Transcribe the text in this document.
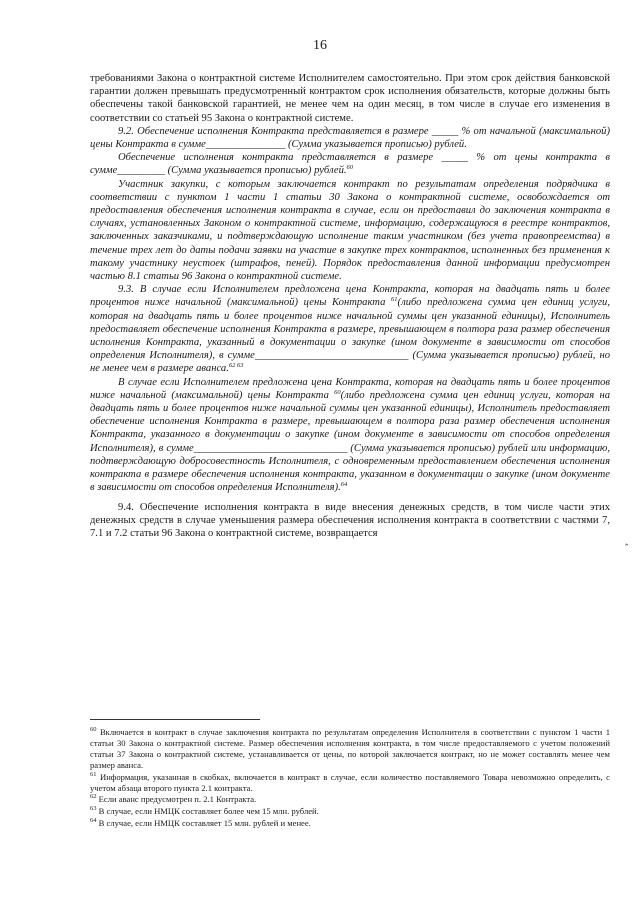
16

требованиями Закона о контрактной системе Исполнителем самостоятельно. При этом срок действия банковской гарантии должен превышать предусмотренный контрактом срок исполнения обязательств, которые должны быть обеспечены такой банковской гарантией, не менее чем на один месяц, в том числе в случае его изменения в соответствии со статьей 95 Закона о контрактной системе.

9.2. Обеспечение исполнения Контракта представляется в размере _____ % от начальной (максимальной) цены Контракта в сумме_______________ (Сумма указывается прописью) рублей.

Обеспечение исполнения контракта представляется в размере _____ % от цены контракта в сумме_________ (Сумма указывается прописью) рублей.$^{60}$

Участник закупки, с которым заключается контракт по результатам определения подрядчика в соответствии с пунктом 1 части 1 статьи 30 Закона о контрактной системе, освобождается от предоставления обеспечения исполнения контракта в случае, если он предоставил до заключения контракта в случаях, установленных Законом о контрактной системе, информацию, содержащуюся в реестре контрактов, заключенных заказчиками, и подтверждающую исполнение таким участником (без учета правопреемства) в течение трех лет до даты подачи заявки на участие в закупке трех контрактов, исполненных без применения к такому участнику неустоек (штрафов, пеней). Порядок предоставления данной информации предусмотрен частью 8.1 статьи 96 Закона о контрактной системе.

9.3. В случае если Исполнителем предложена цена Контракта, которая на двадцать пять и более процентов ниже начальной (максимальной) цены Контракта $^{61}$(либо предложена сумма цен единиц услуги, которая на двадцать пять и более процентов ниже начальной суммы цен указанной единицы), Исполнитель предоставляет обеспечение исполнения Контракта в размере, превышающем в полтора раза размер обеспечения исполнения Контракта, указанный в документации о закупке (ином документе в зависимости от способов определения Исполнителя), в сумме_____________________________ (Сумма указывается прописью) рублей, но не менее чем в размере аванса.$^{62 63}$

В случае если Исполнителем предложена цена Контракта, которая на двадцать пять и более процентов ниже начальной (максимальной) цены Контракта $^{60}$(либо предложена сумма цен единиц услуги, которая на двадцать пять и более процентов ниже начальной суммы цен указанной единицы), Исполнитель предоставляет обеспечение исполнения Контракта в размере, превышающем в полтора раза размер обеспечения исполнения Контракта, указанного в документации о закупке (ином документе в зависимости от способов определения Исполнителя), в сумме_____________________________ (Сумма указывается прописью) рублей или информацию, подтверждающую добросовестность Исполнителя, с одновременным предоставлением обеспечения исполнения контракта в размере обеспечения исполнения контракта, указанном в документации о закупке (ином документе в зависимости от способов определения Исполнителя).$^{64}$

9.4. Обеспечение исполнения контракта в виде внесения денежных средств, в том числе части этих денежных средств в случае уменьшения размера обеспечения исполнения контракта в соответствии с частями 7, 7.1 и 7.2 статьи 96 Закона о контрактной системе, возвращается

‸

$^{60}$ Включается в контракт в случае заключения контракта по результатам определения Исполнителя в соответствии с пунктом 1 части 1 статьи 30 Закона о контрактной системе. Размер обеспечения исполнения контракта, в том числе предоставляемого с учетом положений статьи 37 Закона о контрактной системе, устанавливается от цены, по которой заключается контракт, но не может составлять менее чем размер аванса.

$^{61}$ Информация, указанная в скобках, включается в контракт в случае, если количество поставляемого Товара невозможно определить, с учетом абзаца второго пункта 2.1 контракта.

$^{62}$ Если аванс предусмотрен п. 2.1 Контракта.

$^{63}$ В случае, если НМЦК составляет более чем 15 млн. рублей.

$^{64}$ В случае, если НМЦК составляет 15 млн. рублей и менее.
